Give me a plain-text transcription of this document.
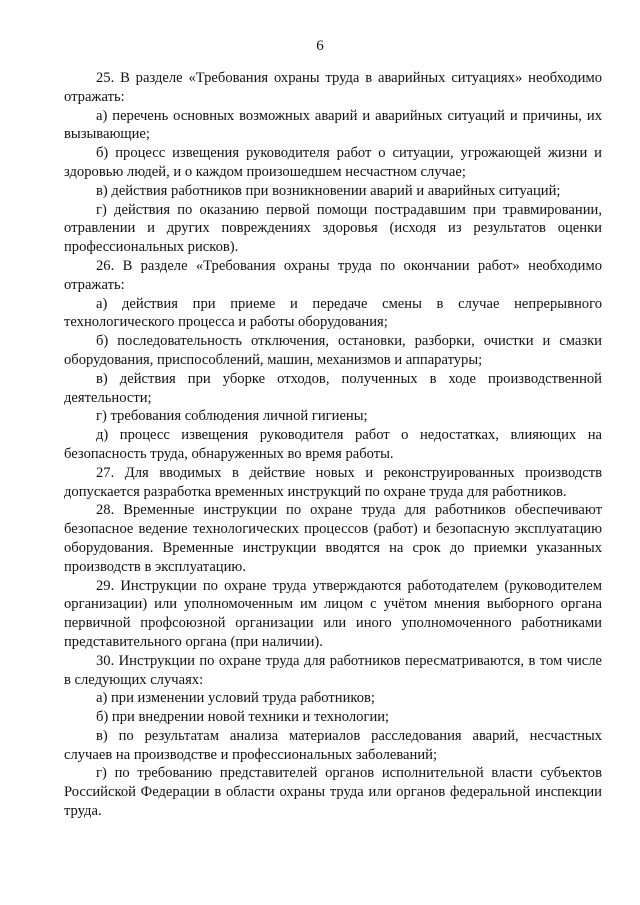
6

25. В разделе «Требования охраны труда в аварийных ситуациях» необходимо отражать:

а) перечень основных возможных аварий и аварийных ситуаций и причины, их вызывающие;

б) процесс извещения руководителя работ о ситуации, угрожающей жизни и здоровью людей, и о каждом произошедшем несчастном случае;

в) действия работников при возникновении аварий и аварийных ситуаций;

г) действия по оказанию первой помощи пострадавшим при травмировании, отравлении и других повреждениях здоровья (исходя из результатов оценки профессиональных рисков).

26. В разделе «Требования охраны труда по окончании работ» необходимо отражать:

а) действия при приеме и передаче смены в случае непрерывного технологического процесса и работы оборудования;

б) последовательность отключения, остановки, разборки, очистки и смазки оборудования, приспособлений, машин, механизмов и аппаратуры;

в) действия при уборке отходов, полученных в ходе производственной деятельности;

г) требования соблюдения личной гигиены;

д) процесс извещения руководителя работ о недостатках, влияющих на безопасность труда, обнаруженных во время работы.

27. Для вводимых в действие новых и реконструированных производств допускается разработка временных инструкций по охране труда для работников.

28. Временные инструкции по охране труда для работников обеспечивают безопасное ведение технологических процессов (работ) и безопасную эксплуатацию оборудования. Временные инструкции вводятся на срок до приемки указанных производств в эксплуатацию.

29. Инструкции по охране труда утверждаются работодателем (руководителем организации) или уполномоченным им лицом с учётом мнения выборного органа первичной профсоюзной организации или иного уполномоченного работниками представительного органа (при наличии).

30. Инструкции по охране труда для работников пересматриваются, в том числе в следующих случаях:

а) при изменении условий труда работников;

б) при внедрении новой техники и технологии;

в) по результатам анализа материалов расследования аварий, несчастных случаев на производстве и профессиональных заболеваний;

г) по требованию представителей органов исполнительной власти субъектов Российской Федерации в области охраны труда или органов федеральной инспекции труда.
